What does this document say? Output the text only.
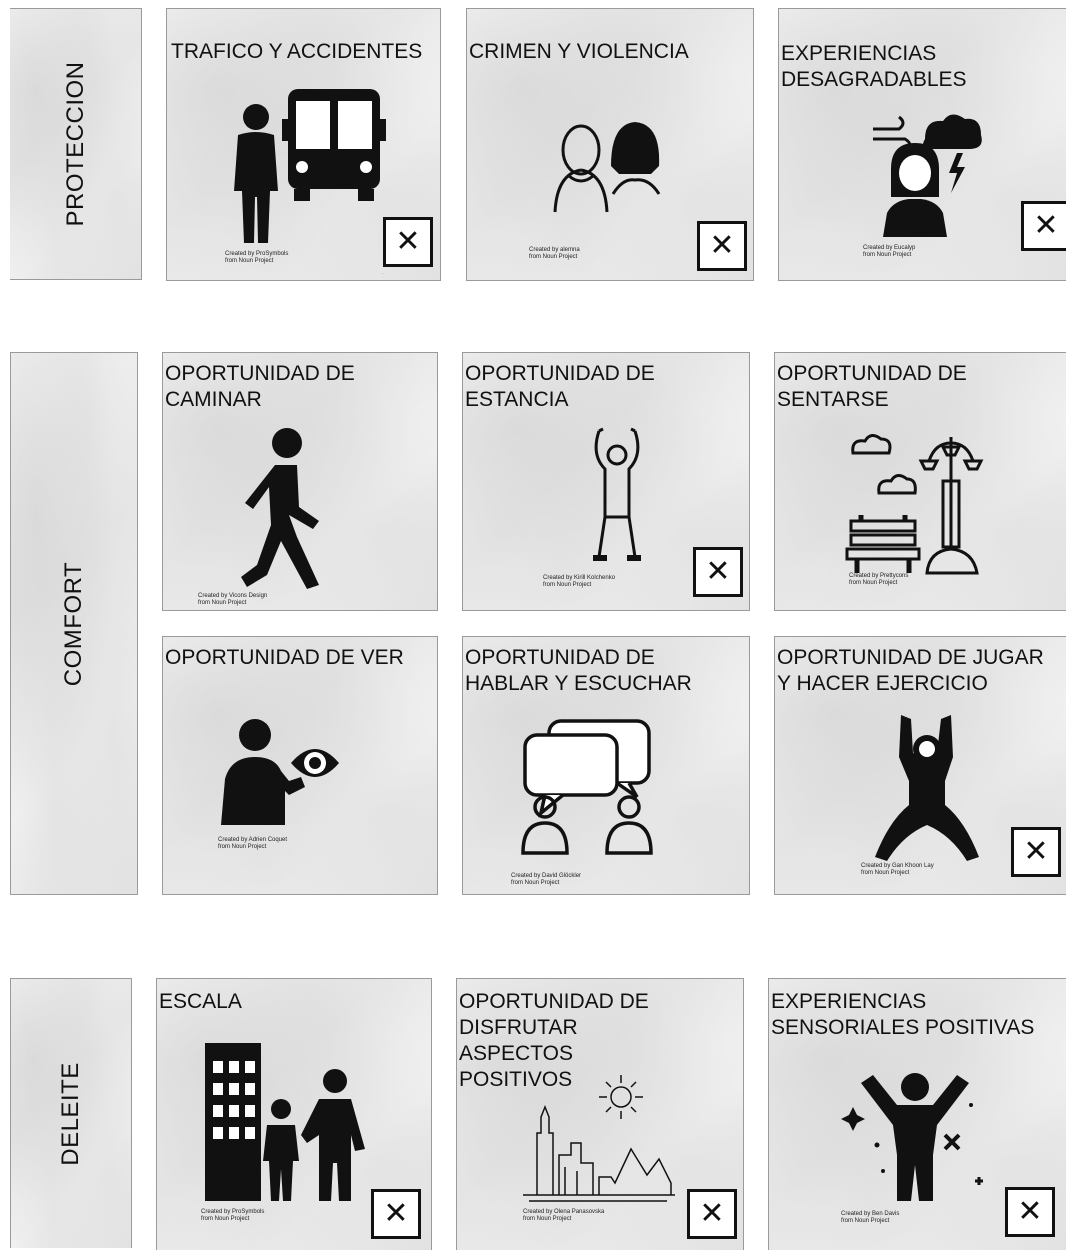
PROTECCION
COMFORT
DELEITE
TRAFICO Y ACCIDENTES
Created by ProSymbols
from Noun Project
✕
···
CRIMEN Y VIOLENCIA
Created by alemna
from Noun Project	✕
EXPERIENCIAS
DESAGRADABLES
Created by Eucalyp
from Noun Project
✕
OPORTUNIDAD DE
CAMINAR
Created by Vicons Design
from Noun Project
OPORTUNIDAD DE
ESTANCIA
Created by Kirill Kolchenko
from Noun Project	✕
OPORTUNIDAD DE
SENTARSE
Created by Prettycons
from Noun Project
OPORTUNIDAD DE VER
Created by Adrien Coquet
from Noun Project
OPORTUNIDAD DE
HABLAR Y ESCUCHAR
Created by David Glöckler
from Noun Project
OPORTUNIDAD DE JUGAR
Y HACER EJERCICIO
Created by Gan Khoon Lay
from Noun Project
✕
ESCALA
Created by ProSymbols
from Noun Project	✕
OPORTUNIDAD DE
DISFRUTAR
ASPECTOS
POSITIVOS
Created by Olena Panasovska
from Noun Project	✕
EXPERIENCIAS
SENSORIALES POSITIVAS
Created by Ben Davis
from Noun Project	✕
